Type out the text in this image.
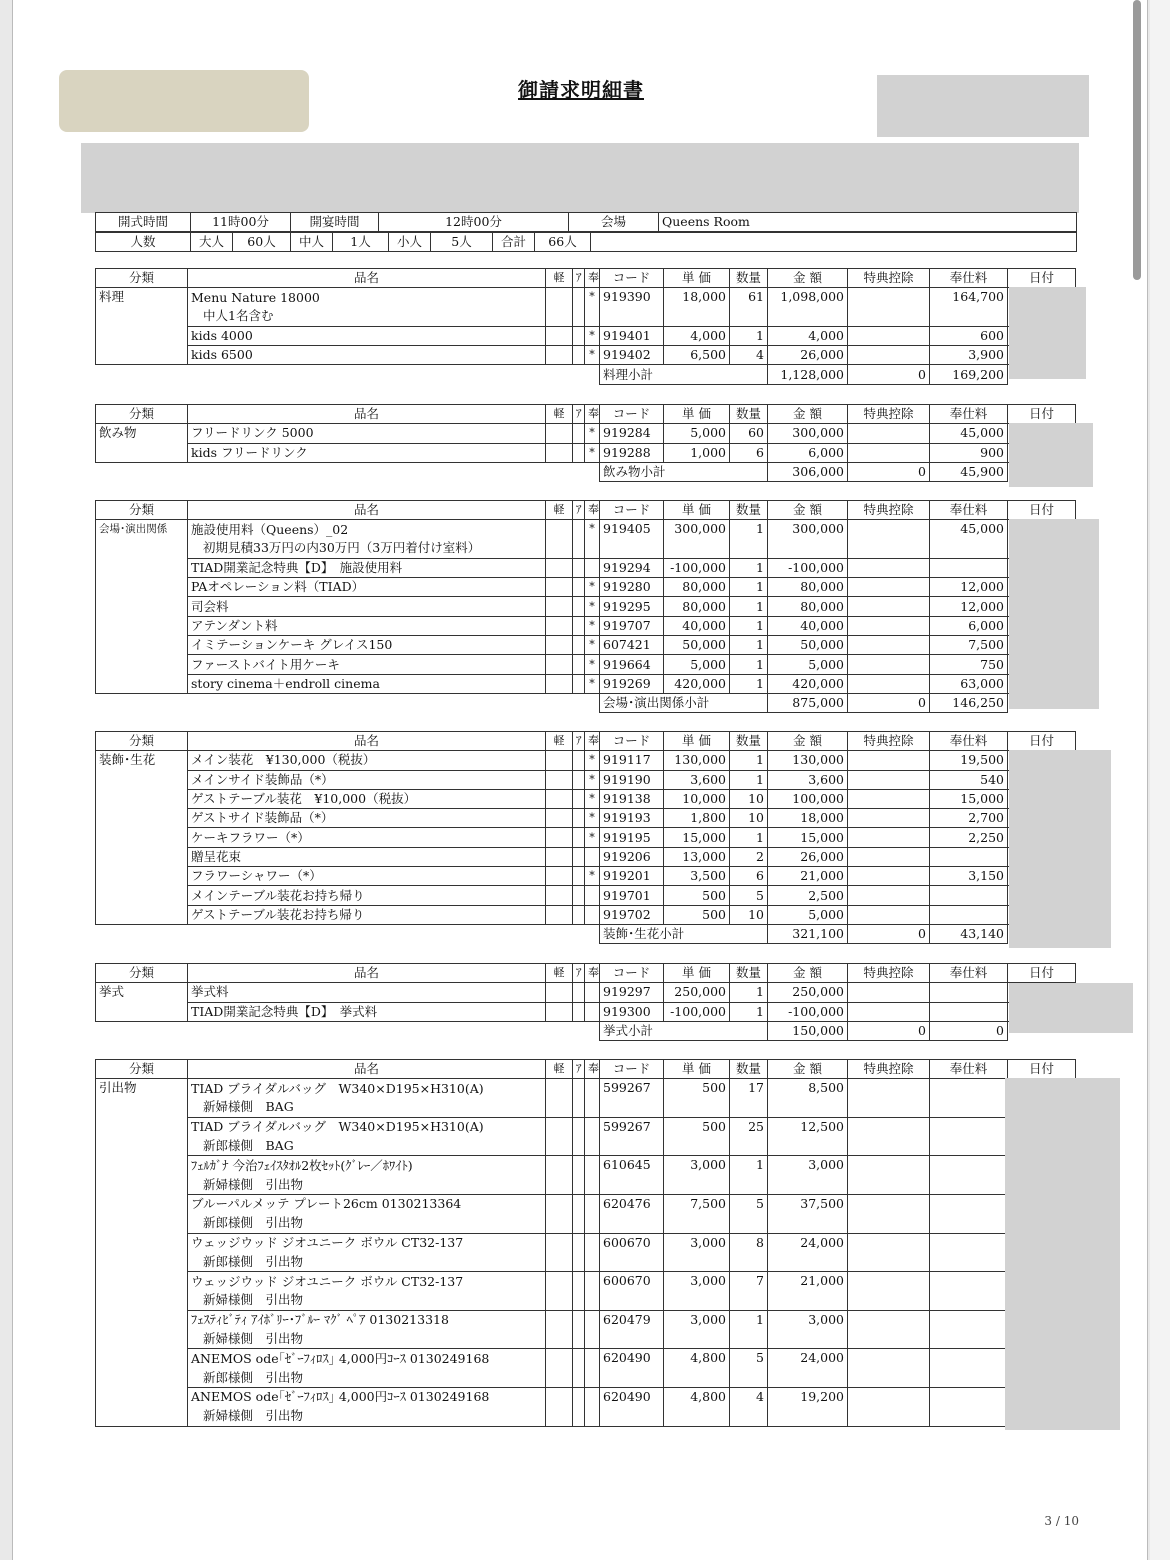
御請求明細書
開式時間	11時00分	開宴時間	12時00分	会場	Queens Room
人数	大人	60人	中人	1人	小人	5人	合計	66人	
分類	品名	軽	ｱ	奉	コード	単 価	数量	金 額	特典控除	奉仕料	日付
料理	Menu Nature 18000			*	919390	18,000	61	1,098,000		164,700	

	中人1名含む										

	kids 4000			*	919401	4,000	1	4,000		600	
	kids 6500			*	919402	6,500	4	26,000		3,900	
					料理小計			1,128,000	0	169,200	
分類	品名	軽	ｱ	奉	コード	単 価	数量	金 額	特典控除	奉仕料	日付
飲み物	フリードリンク 5000			*	919284	5,000	60	300,000		45,000	
	kids フリードリンク			*	919288	1,000	6	6,000		900	
					飲み物小計			306,000	0	45,900	
分類	品名	軽	ｱ	奉	コード	単 価	数量	金 額	特典控除	奉仕料	日付
会場･演出関係	施設使用料（Queens）_02			*	919405	300,000	1	300,000		45,000	

	初期見積33万円の内30万円（3万円着付け室料）										

	TIAD開業記念特典【D】　施設使用料				919294	-100,000	1	-100,000			
	PAオペレーション料（TIAD）			*	919280	80,000	1	80,000		12,000	
	司会料			*	919295	80,000	1	80,000		12,000	
	アテンダント料			*	919707	40,000	1	40,000		6,000	
	イミテーションケーキ グレイス150			*	607421	50,000	1	50,000		7,500	
	ファーストバイト用ケーキ			*	919664	5,000	1	5,000		750	
	story cinema＋endroll cinema			*	919269	420,000	1	420,000		63,000	
					会場･演出関係小計			875,000	0	146,250	
分類	品名	軽	ｱ	奉	コード	単 価	数量	金 額	特典控除	奉仕料	日付
装飾･生花	メイン装花　¥130,000（税抜）			*	919117	130,000	1	130,000		19,500	
	メインサイド装飾品（*）			*	919190	3,600	1	3,600		540	
	ゲストテーブル装花　¥10,000（税抜）			*	919138	10,000	10	100,000		15,000	
	ゲストサイド装飾品（*）			*	919193	1,800	10	18,000		2,700	
	ケーキフラワー（*）			*	919195	15,000	1	15,000		2,250	
	贈呈花束				919206	13,000	2	26,000			
	フラワーシャワー（*）			*	919201	3,500	6	21,000		3,150	
	メインテーブル装花お持ち帰り				919701	500	5	2,500			
	ゲストテーブル装花お持ち帰り				919702	500	10	5,000			
					装飾･生花小計			321,100	0	43,140	
分類	品名	軽	ｱ	奉	コード	単 価	数量	金 額	特典控除	奉仕料	日付
挙式	挙式料				919297	250,000	1	250,000			
	TIAD開業記念特典【D】　挙式料				919300	-100,000	1	-100,000			
					挙式小計			150,000	0	0	
分類	品名	軽	ｱ	奉	コード	単 価	数量	金 額	特典控除	奉仕料	日付
引出物	TIAD ブライダルバッグ　W340×D195×H310(A)				599267	500	17	8,500			

	新婦様側　BAG										

	TIAD ブライダルバッグ　W340×D195×H310(A)				599267	500	25	12,500			

	新郎様側　BAG										

	ﾌｪﾙｶﾞﾅ 今治ﾌｪｲｽﾀｵﾙ2枚ｾｯﾄ(ｸﾞﾚｰ／ﾎﾜｲﾄ)				610645	3,000	1	3,000			

	新婦様側　引出物										

	ブルーパルメッテ プレート26cm 0130213364				620476	7,500	5	37,500			

	新郎様側　引出物										

	ウェッジウッド ジオユニーク ボウル CT32-137				600670	3,000	8	24,000			

	新郎様側　引出物										

	ウェッジウッド ジオユニーク ボウル CT32-137				600670	3,000	7	21,000			

	新婦様側　引出物										

	ﾌｪｽﾃｨﾋﾞﾃｨ ｱｲﾎﾞﾘｰ･ﾌﾞﾙｰ ﾏｸﾞ ﾍﾟｱ 0130213318				620479	3,000	1	3,000			

	新婦様側　引出物										

	ANEMOS ode｢ｾﾞｰﾌｨﾛｽ｣ 4,000円ｺｰｽ 0130249168				620490	4,800	5	24,000			

	新郎様側　引出物										

	ANEMOS ode｢ｾﾞｰﾌｨﾛｽ｣ 4,000円ｺｰｽ 0130249168				620490	4,800	4	19,200			

	新婦様側　引出物										
3 / 10
